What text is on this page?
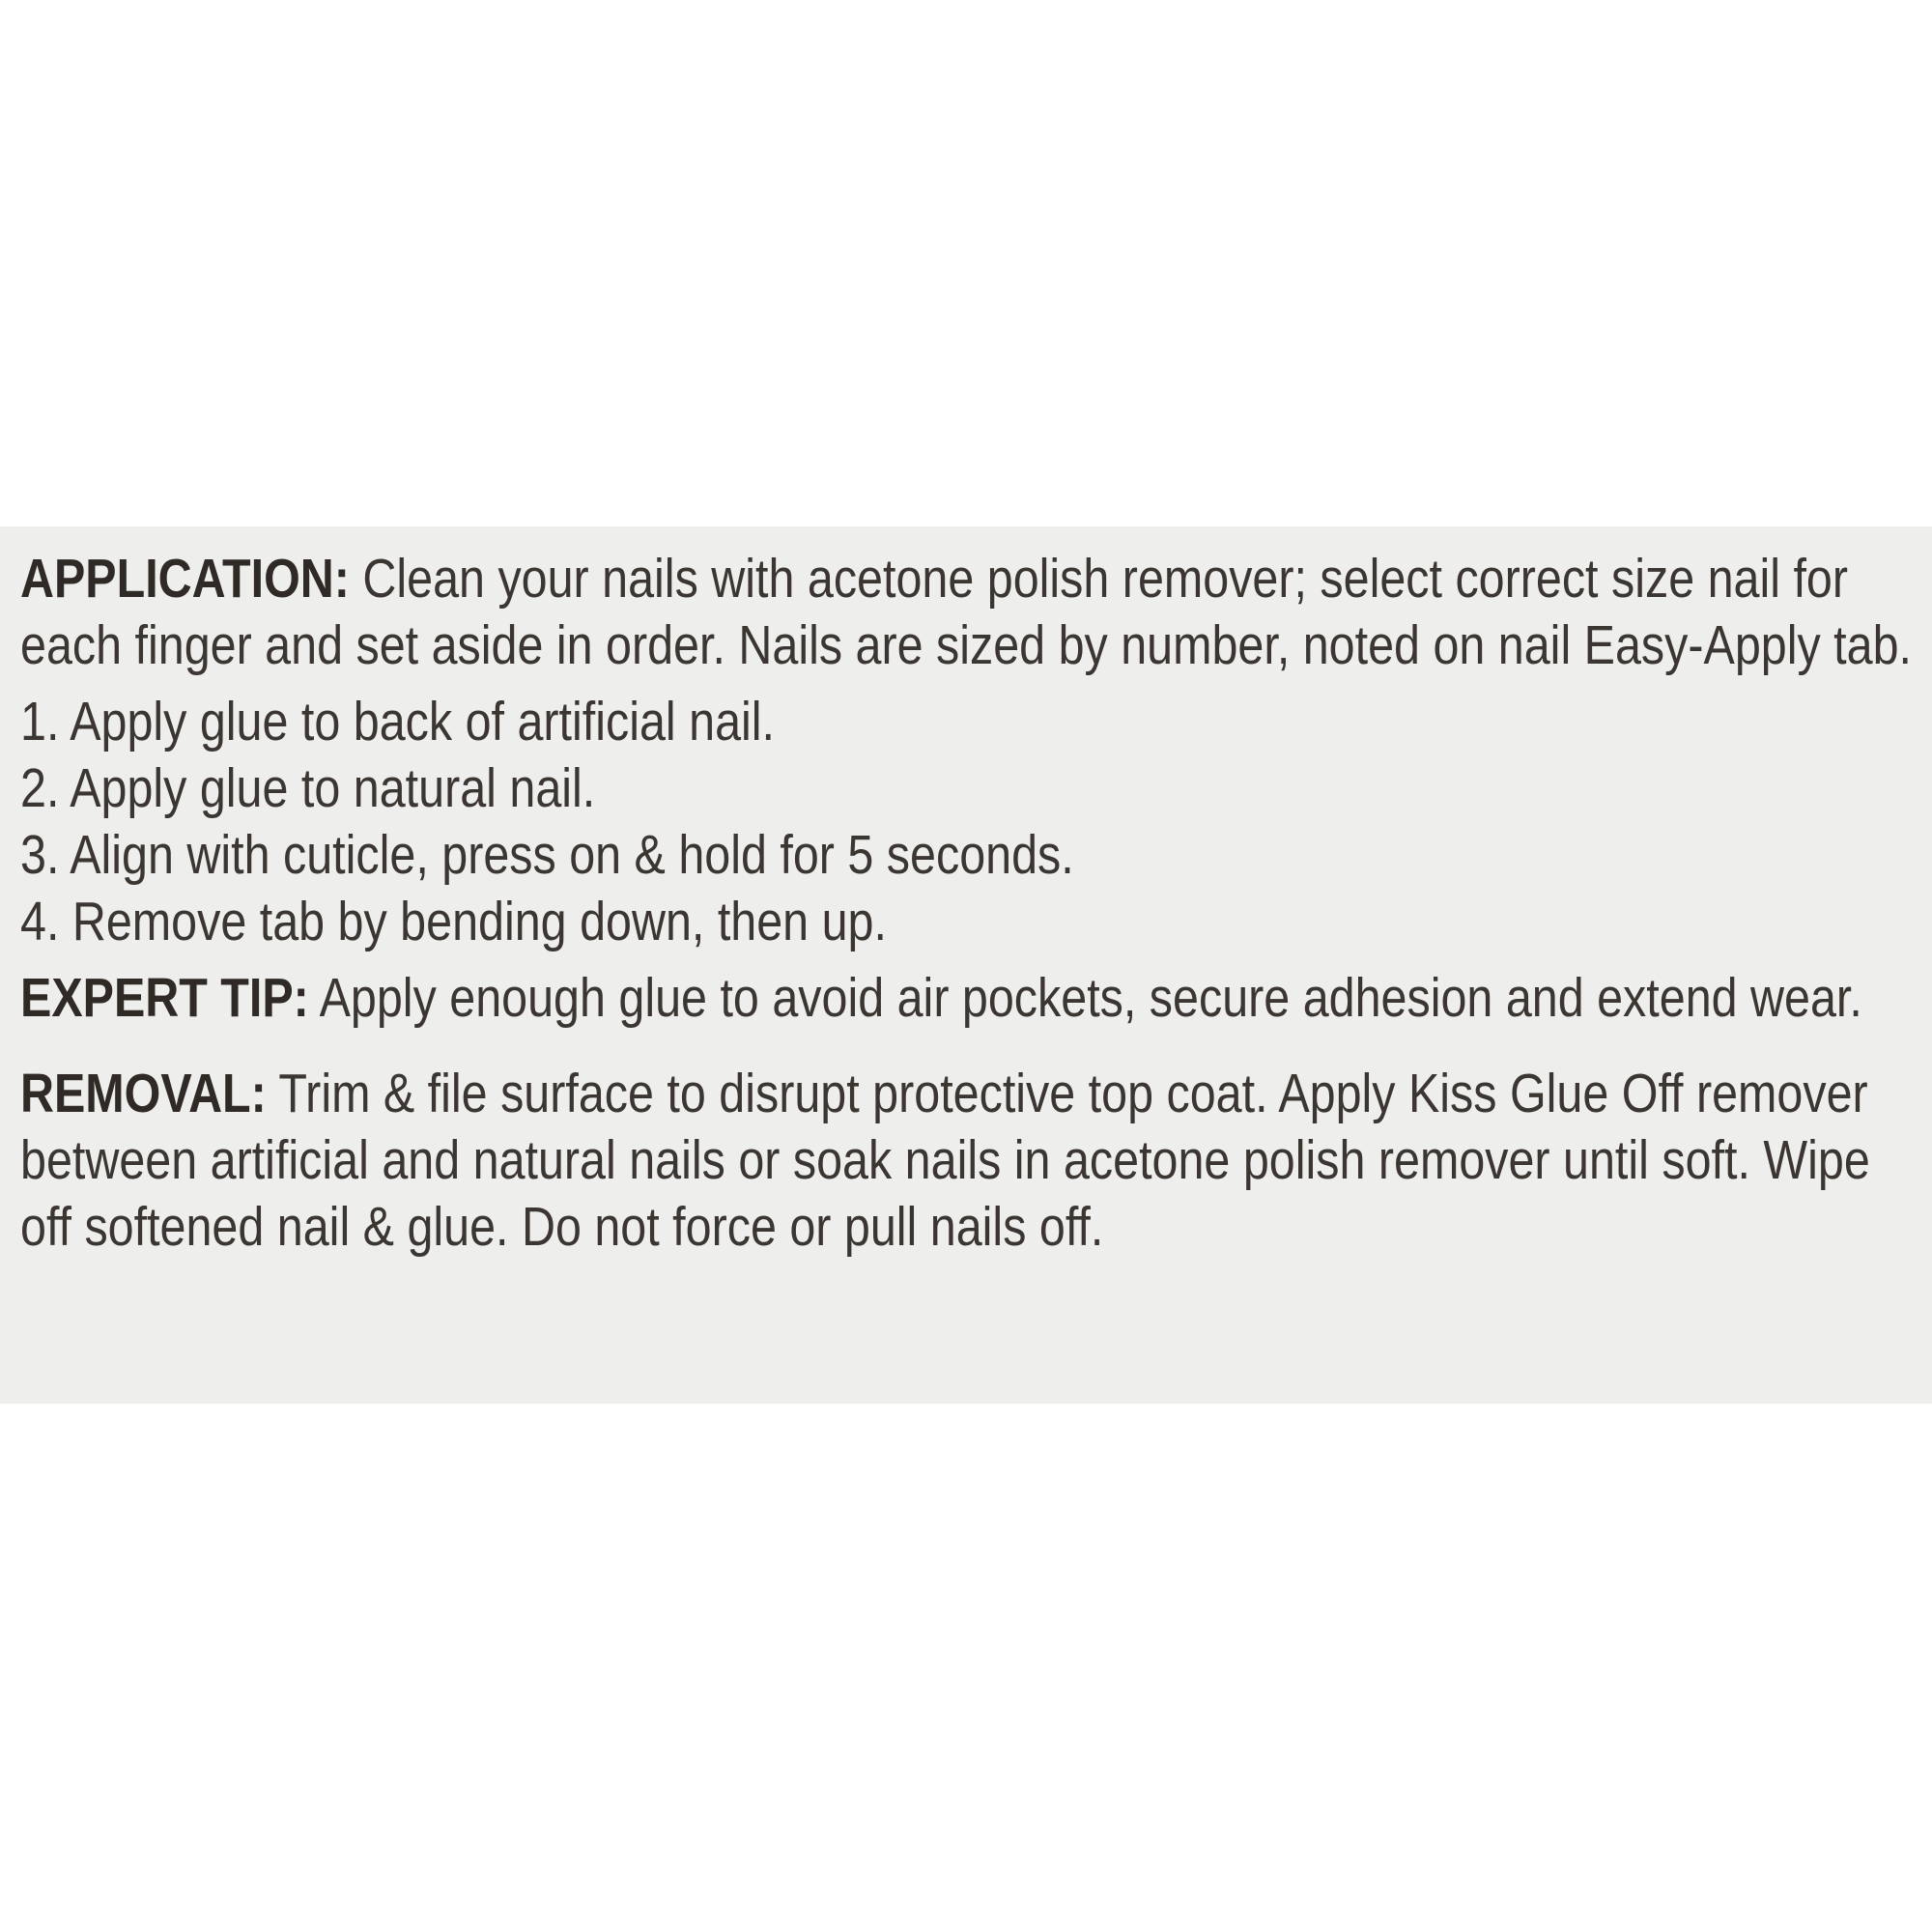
APPLICATION: Clean your nails with acetone polish remover; select correct size nail for each finger and set aside in order. Nails are sized by number, noted on nail Easy-Apply tab.

1. Apply glue to back of artificial nail.
2. Apply glue to natural nail.
3. Align with cuticle, press on & hold for 5 seconds.
4. Remove tab by bending down, then up.

EXPERT TIP: Apply enough glue to avoid air pockets, secure adhesion and extend wear.

REMOVAL: Trim & file surface to disrupt protective top coat. Apply Kiss Glue Off remover between artificial and natural nails or soak nails in acetone polish remover until soft. Wipe off softened nail & glue. Do not force or pull nails off.
